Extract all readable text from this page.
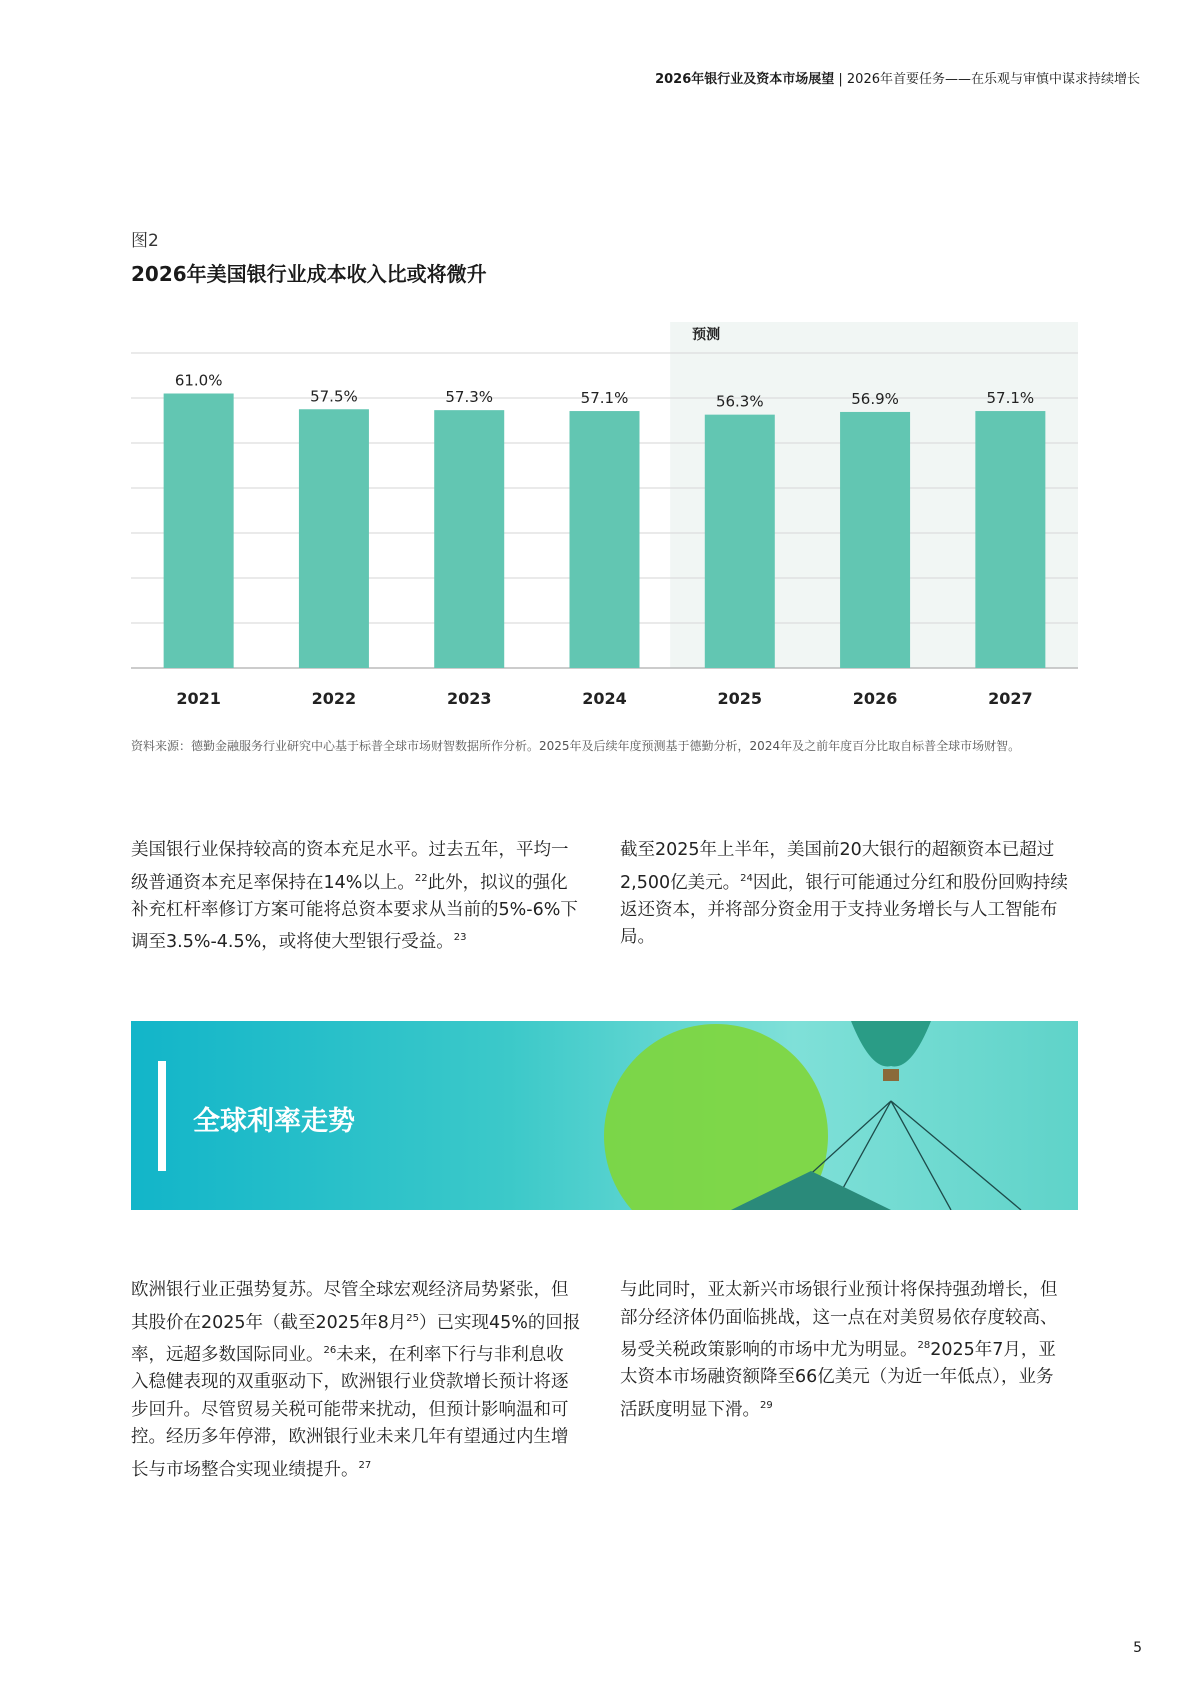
2026年银行业及资本市场展望 | 2026年首要任务——在乐观与审慎中谋求持续增长
图2
2026年美国银行业成本收入比或将微升
预测
61.0%
2021
57.5%
2022
57.3%
2023
57.1%
2024
56.3%
2025
56.9%
2026
57.1%
2027
资料来源：德勤金融服务行业研究中心基于标普全球市场财智数据所作分析。2025年及后续年度预测基于德勤分析，2024年及之前年度百分比取自标普全球市场财智。
美国银行业保持较高的资本充足水平。过去五年，平均一级普通资本充足率保持在14%以上。$^{22}$此外，拟议的强化补充杠杆率修订方案可能将总资本要求从当前的5%-6%下调至3.5%-4.5%，或将使大型银行受益。$^{23}$
截至2025年上半年，美国前20大银行的超额资本已超过2,500亿美元。$^{24}$因此，银行可能通过分红和股份回购持续返还资本，并将部分资金用于支持业务增长与人工智能布局。
全球利率走势
欧洲银行业正强势复苏。尽管全球宏观经济局势紧张，但其股价在2025年（截至2025年8月$^{25}$）已实现45%的回报率，远超多数国际同业。$^{26}$未来，在利率下行与非利息收入稳健表现的双重驱动下，欧洲银行业贷款增长预计将逐步回升。尽管贸易关税可能带来扰动，但预计影响温和可控。经历多年停滞，欧洲银行业未来几年有望通过内生增长与市场整合实现业绩提升。$^{27}$
与此同时，亚太新兴市场银行业预计将保持强劲增长，但部分经济体仍面临挑战，这一点在对美贸易依存度较高、易受关税政策影响的市场中尤为明显。$^{28}$2025年7月，亚太资本市场融资额降至66亿美元（为近一年低点），业务活跃度明显下滑。$^{29}$
5
